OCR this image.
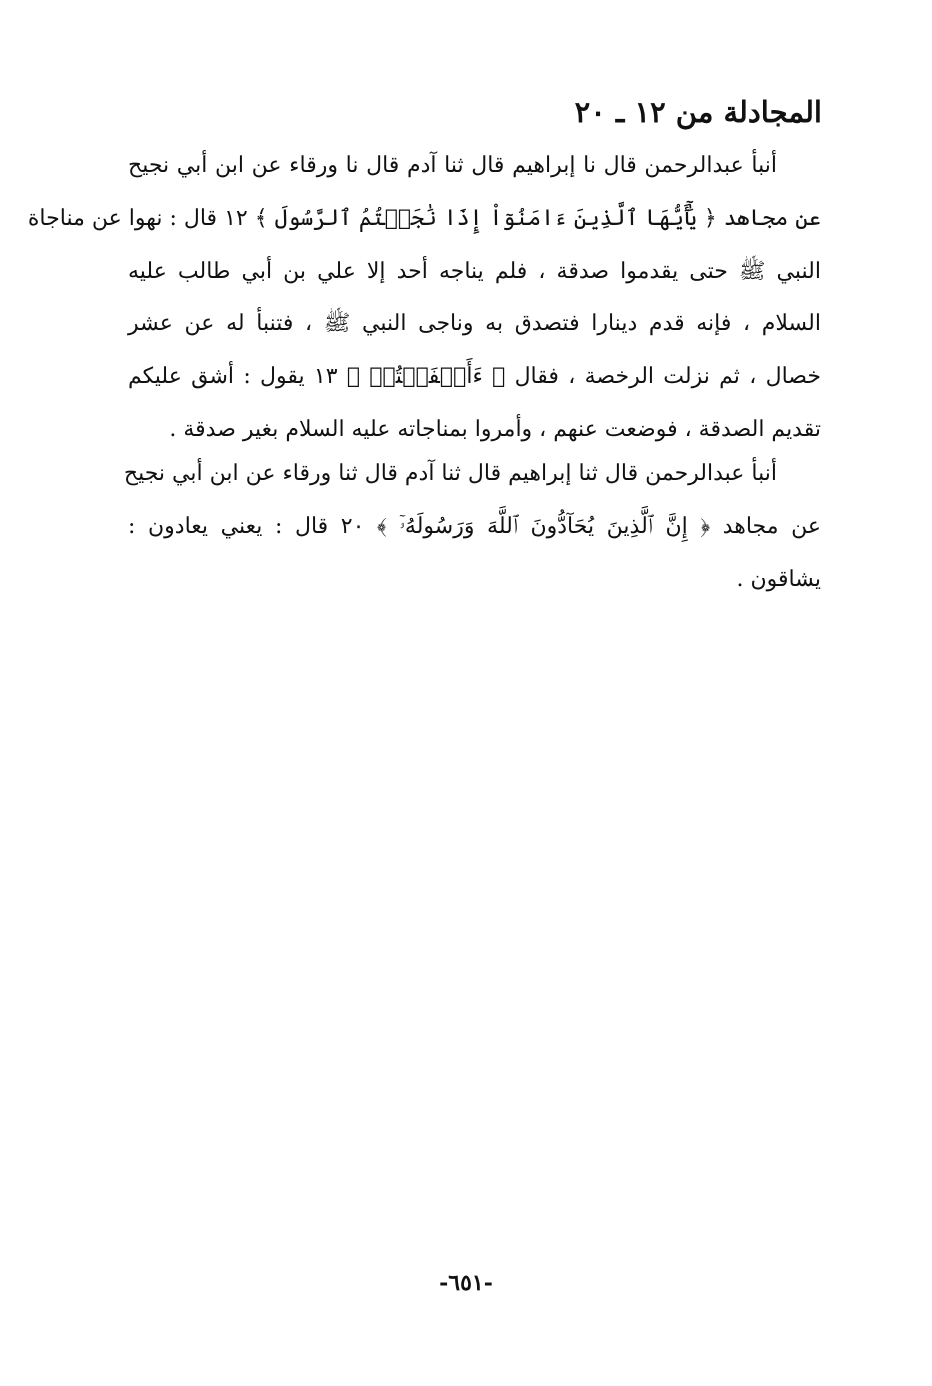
المجادلة من ١٢ ـ ٢٠
أنبأ عبدالرحمن قال نا إبراهيم قال ثنا آدم قال نا ورقاء عن ابن أبي نجيح
عن مجاهد ﴿ يَٰٓأَيُّهَا ٱلَّذِينَ ءَامَنُوٓاْ إِذَا نَٰجَيۡتُمُ ٱلرَّسُولَ ﴾ ١٢ قال : نهوا عن مناجاة
النبي ﷺ حتى يقدموا صدقة ، فلم يناجه أحد إلا علي بن أبي طالب عليه
السلام ، فإنه قدم دينارا فتصدق به وناجى النبي ﷺ ، فتنبأ له عن عشر
خصال ، ثم نزلت الرخصة ، فقال ﴿ ءَأَشۡفَقۡتُمۡ ﴾ ١٣ يقول : أشق عليكم
تقديم الصدقة ، فوضعت عنهم ، وأمروا بمناجاته عليه السلام بغير صدقة .
أنبأ عبدالرحمن قال ثنا إبراهيم قال ثنا آدم قال ثنا ورقاء عن ابن أبي نجيح
عن مجاهد ﴿ إِنَّ ٱلَّذِينَ يُحَآدُّونَ ٱللَّهَ وَرَسُولَهُۥٓ ﴾ ٢٠ قال : يعني يعادون :
يشاقون .
-٦٥١-
